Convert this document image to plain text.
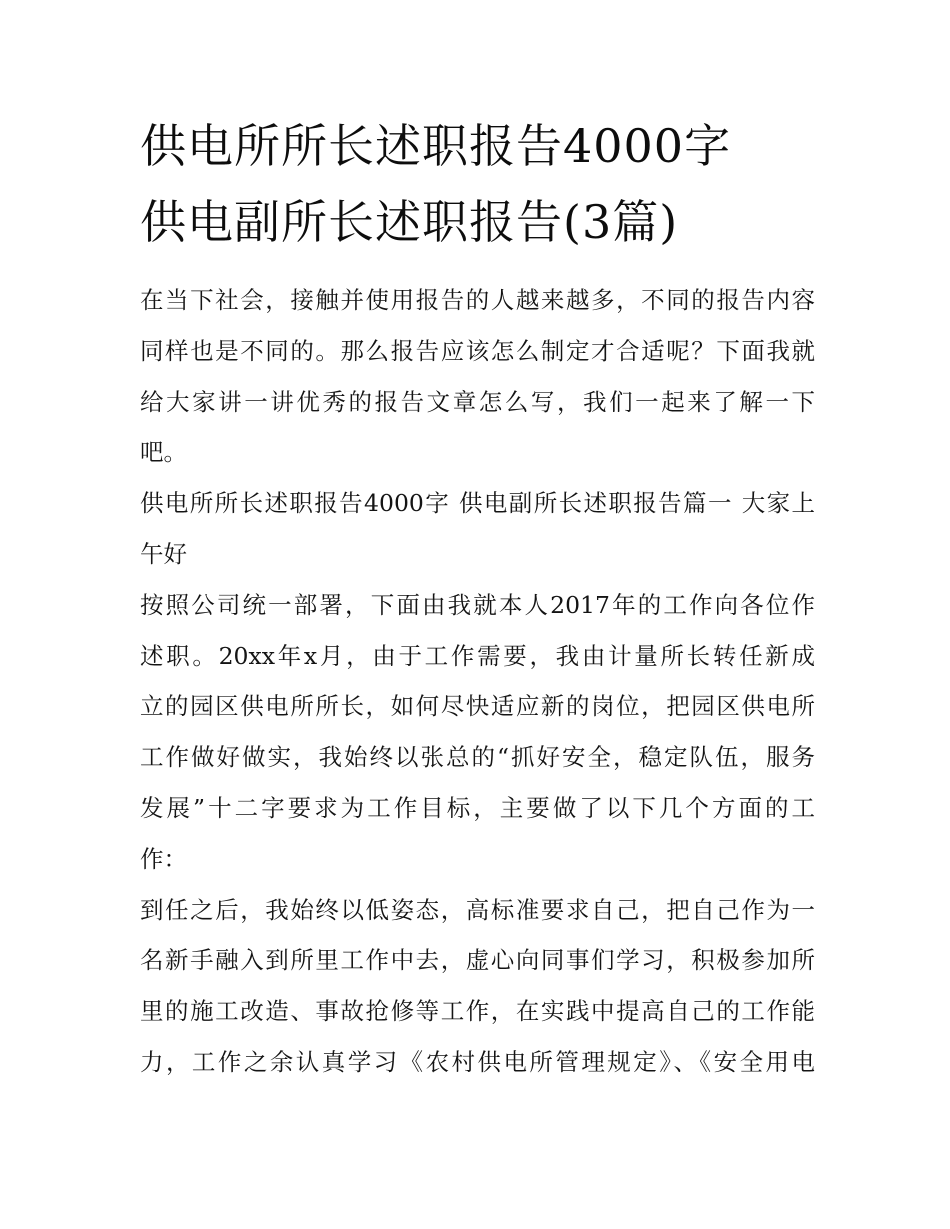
供电所所长述职报告4000字
供电副所长述职报告(3篇)

在当下社会，接触并使用报告的人越来越多，不同的报告内容
同样也是不同的。那么报告应该怎么制定才合适呢？下面我就
给大家讲一讲优秀的报告文章怎么写，我们一起来了解一下
吧。

供电所所长述职报告4000字 供电副所长述职报告篇一 大家上
午好

按照公司统一部署，下面由我就本人2017年的工作向各位作
述职。20xx年x月，由于工作需要，我由计量所长转任新成
立的园区供电所所长，如何尽快适应新的岗位，把园区供电所
工作做好做实，我始终以张总的“抓好安全，稳定队伍，服务
发展”十二字要求为工作目标，主要做了以下几个方面的工
作：

到任之后，我始终以低姿态，高标准要求自己，把自己作为一
名新手融入到所里工作中去，虚心向同事们学习，积极参加所
里的施工改造、事故抢修等工作，在实践中提高自己的工作能
力，工作之余认真学习《农村供电所管理规定》、《安全用电
